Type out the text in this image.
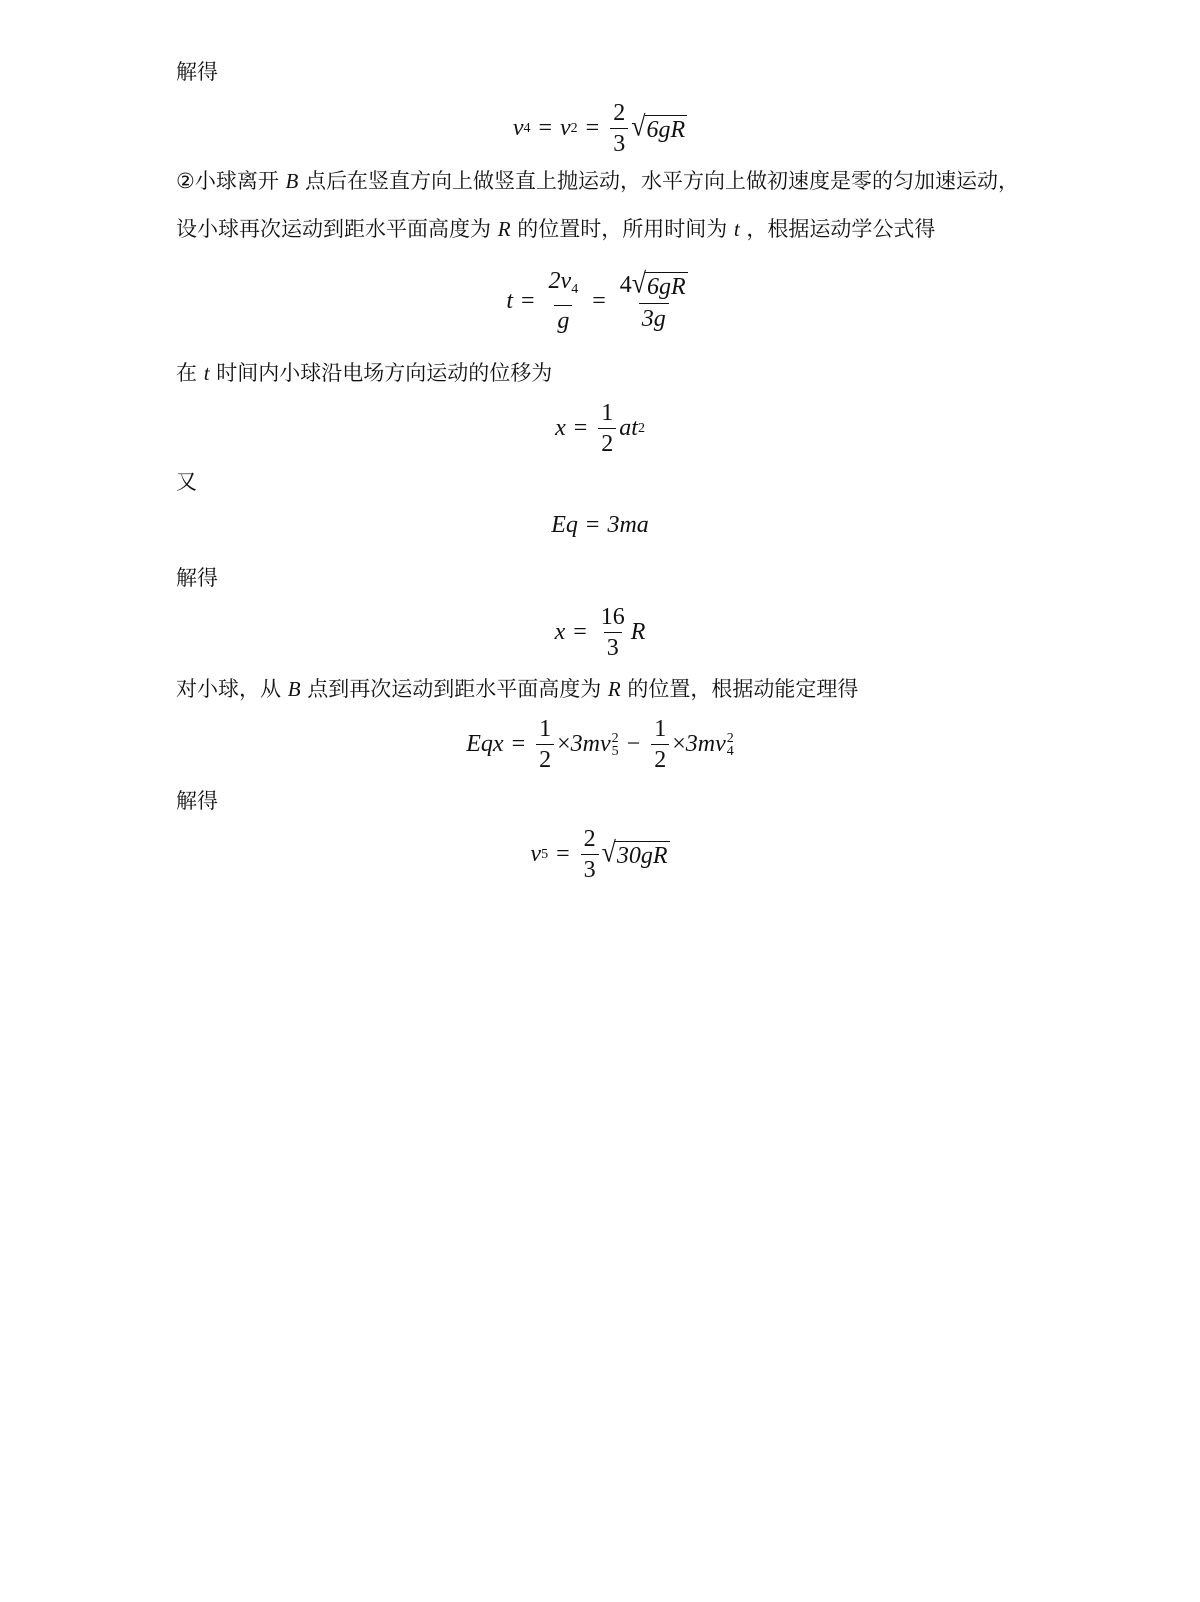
解得
v 4 = v $2 = \frac{2}{3}$ √ 6gR
②小球离开 B 点后在竖直方向上做竖直上抛运动，水平方向上做初速度是零的匀加速运动，
设小球再次运动到距水平面高度为 R 的位置时，所用时间为 t ，根据运动学公式得
$t = \frac{2v_4}{g} = \frac{4 √ 6gR}{3g}$
在 t 时间内小球沿电场方向运动的位移为
$x = \frac{1}{2}$ at 2
又
Eq = 3ma
解得
$x = \frac{16}{3}$ R
对小球，从 B 点到再次运动到距水平面高度为 R 的位置，根据动能定理得
Eqx = $\frac{1}{2} \times 3mv$ 2
$5 - \frac{1}{2} \times 3mv$ 2
4
解得
v $5 = \frac{2}{3}$ √ 30gR
